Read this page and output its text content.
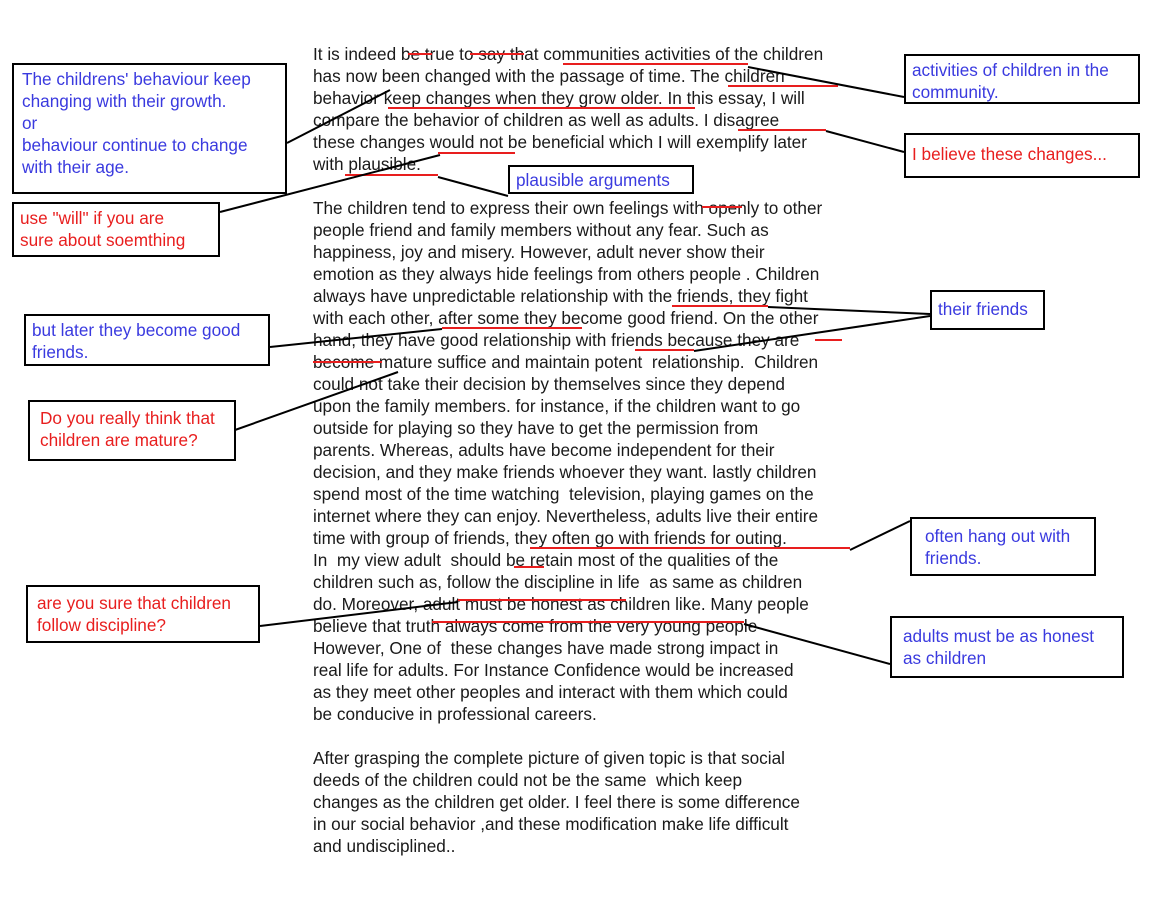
It is indeed be true to say that communities activities of the children
has now been changed with the passage of time. The children
behavior keep changes when they grow older. In this essay, I will
compare the behavior of children as well as adults. I disagree
these changes would not be beneficial which I will exemplify later
with plausible.
The children tend to express their own feelings with openly to other
people friend and family members without any fear. Such as
happiness, joy and misery. However, adult never show their
emotion as they always hide feelings from others people . Children
always have unpredictable relationship with the friends, they fight
with each other, after some they become good friend. On the other
hand, they have good relationship with friends because they are
become mature suffice and maintain potent  relationship.  Children
could not take their decision by themselves since they depend
upon the family members. for instance, if the children want to go
outside for playing so they have to get the permission from
parents. Whereas, adults have become independent for their
decision, and they make friends whoever they want. lastly children
spend most of the time watching  television, playing games on the
internet where they can enjoy. Nevertheless, adults live their entire
time with group of friends, they often go with friends for outing.
In  my view adult  should be retain most of the qualities of the
children such as, follow the discipline in life  as same as children
do. Moreover, adult must be honest as children like. Many people
believe that truth always come from the very young people
However, One of  these changes have made strong impact in
real life for adults. For Instance Confidence would be increased
as they meet other peoples and interact with them which could
be conducive in professional careers.
After grasping the complete picture of given topic is that social
deeds of the children could not be the same  which keep
changes as the children get older. I feel there is some difference
in our social behavior ,and these modification make life difficult
and undisciplined..
The childrens' behaviour keep
changing with their growth.
or
behaviour continue to change
with their age.
use "will" if you are
sure about soemthing
activities of children in the
community.
I believe these changes...
plausible arguments
but later they become good
friends.
their friends
Do you really think that
children are mature?
often hang out with
friends.
are you sure that children
follow discipline?
adults must be as honest
as children
